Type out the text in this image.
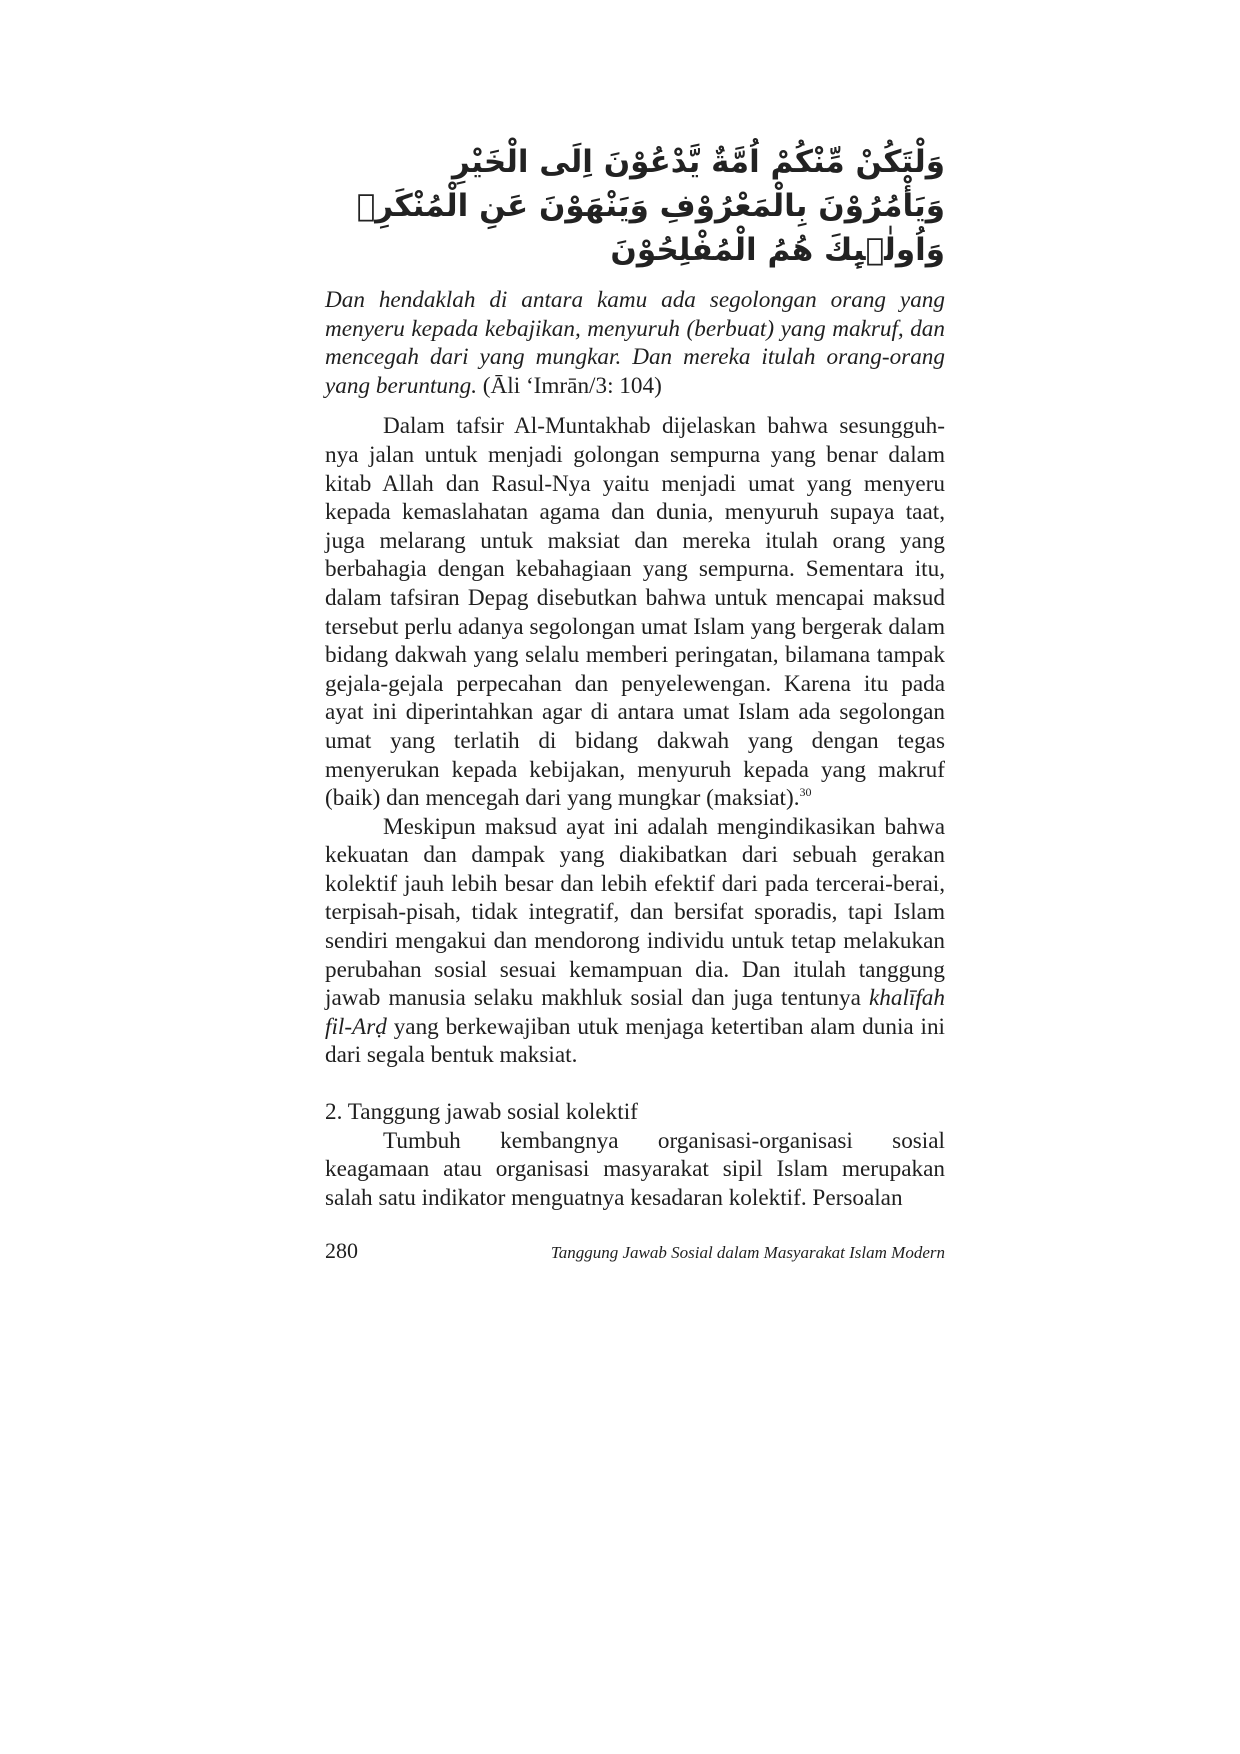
وَلْتَكُنْ مِّنْكُمْ اُمَّةٌ يَّدْعُوْنَ اِلَى الْخَيْرِ وَيَأْمُرُوْنَ بِالْمَعْرُوْفِ وَيَنْهَوْنَ عَنِ الْمُنْكَرِۗ
وَاُولٰۤىِٕكَ هُمُ الْمُفْلِحُوْنَ

Dan hendaklah di antara kamu ada segolongan orang yang menyeru kepada kebajikan, menyuruh (berbuat) yang makruf, dan mencegah dari yang mungkar. Dan mereka itulah orang-orang yang beruntung. (Āli ‘Imrān/3: 104)

Dalam tafsir Al-Muntakhab dijelaskan bahwa sesungguh-nya jalan untuk menjadi golongan sempurna yang benar dalam kitab Allah dan Rasul-Nya yaitu menjadi umat yang menyeru kepada kemaslahatan agama dan dunia, menyuruh supaya taat, juga melarang untuk maksiat dan mereka itulah orang yang berbahagia dengan kebahagiaan yang sempurna. Sementara itu, dalam tafsiran Depag disebutkan bahwa untuk mencapai maksud tersebut perlu adanya segolongan umat Islam yang bergerak dalam bidang dakwah yang selalu memberi peringatan, bilamana tampak gejala-gejala perpecahan dan penyelewengan. Karena itu pada ayat ini diperintahkan agar di antara umat Islam ada segolongan umat yang terlatih di bidang dakwah yang dengan tegas menyerukan kepada kebijakan, menyuruh kepada yang makruf (baik) dan mencegah dari yang mungkar (maksiat).$^{30}$

Meskipun maksud ayat ini adalah mengindikasikan bahwa kekuatan dan dampak yang diakibatkan dari sebuah gerakan kolektif jauh lebih besar dan lebih efektif dari pada tercerai-berai, terpisah-pisah, tidak integratif, dan bersifat sporadis, tapi Islam sendiri mengakui dan mendorong individu untuk tetap melakukan perubahan sosial sesuai kemampuan dia. Dan itulah tanggung jawab manusia selaku makhluk sosial dan juga tentunya khalīfah fil-Arḍ yang berkewajiban utuk menjaga ketertiban alam dunia ini dari segala bentuk maksiat.

2. Tanggung jawab sosial kolektif

Tumbuh kembangnya organisasi-organisasi sosial keagamaan atau organisasi masyarakat sipil Islam merupakan salah satu indikator menguatnya kesadaran kolektif. Persoalan

280	Tanggung Jawab Sosial dalam Masyarakat Islam Modern
